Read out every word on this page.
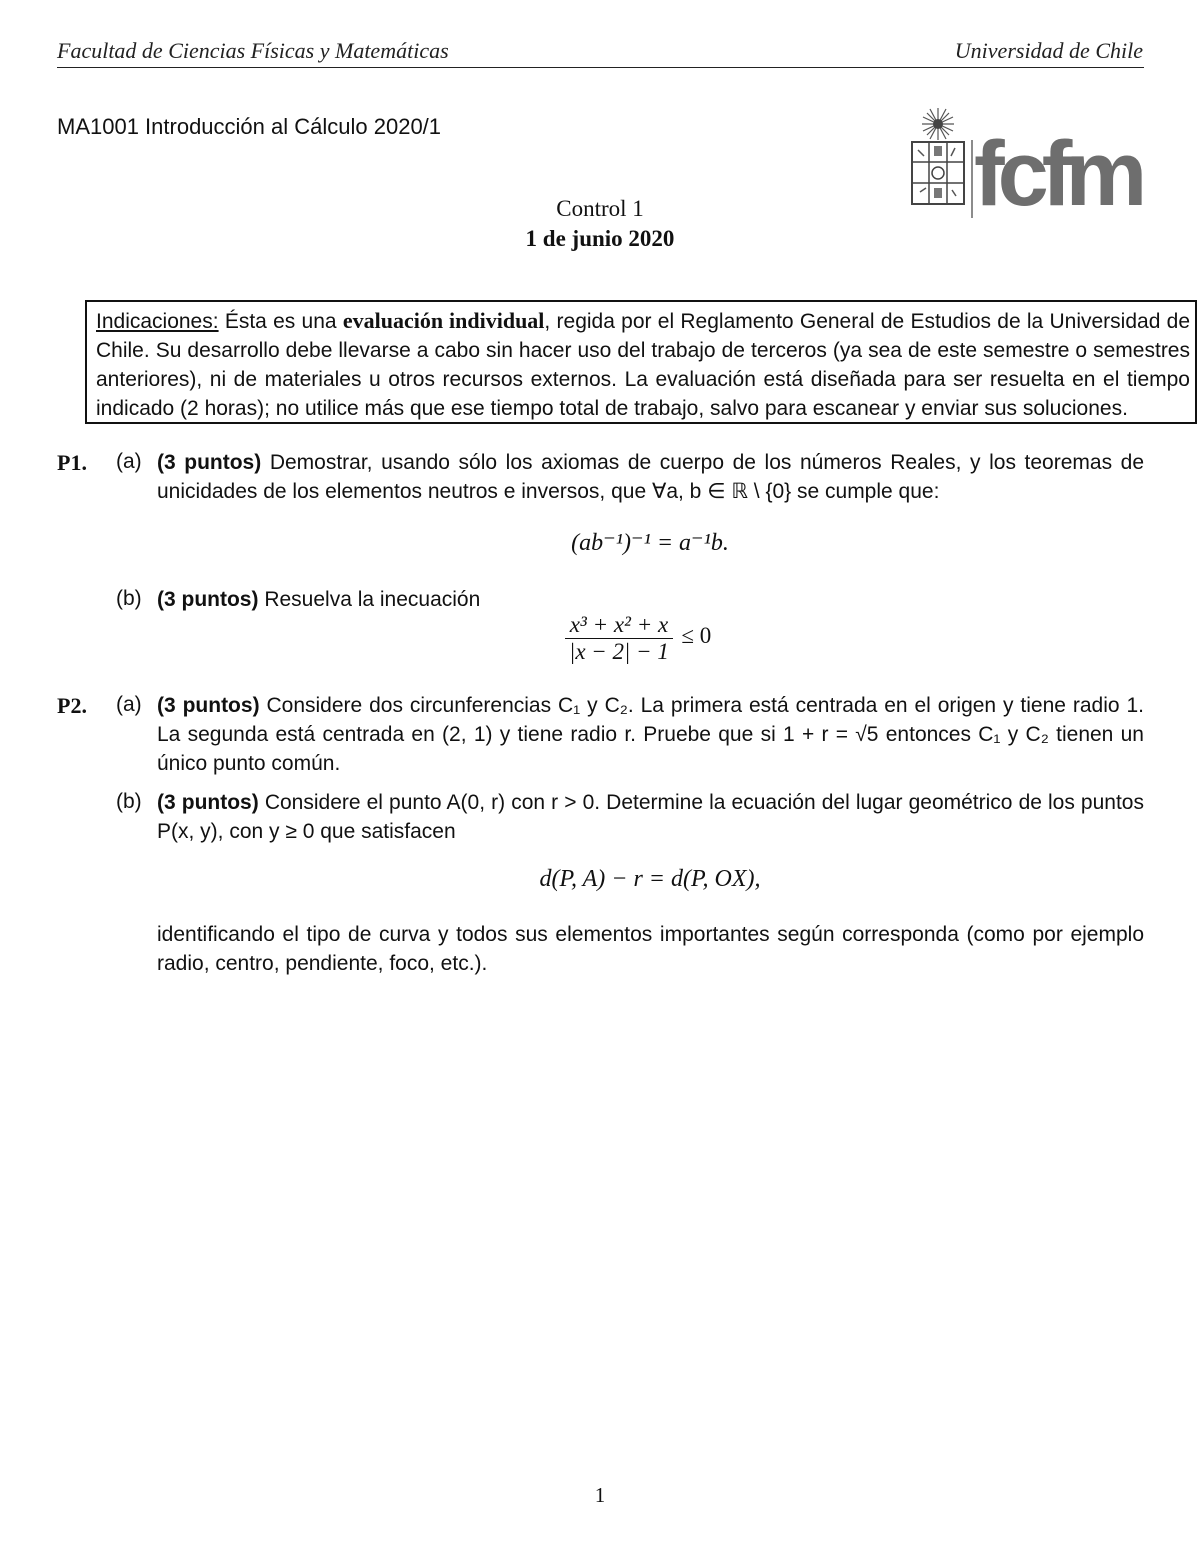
Facultad de Ciencias Físicas y Matemáticas	Universidad de Chile
MA1001 Introducción al Cálculo 2020/1	fcfm
Control 1
1 de junio 2020
Indicaciones: Ésta es una evaluación individual, regida por el Reglamento General de Estudios de la Universidad de Chile. Su desarrollo debe llevarse a cabo sin hacer uso del trabajo de terceros (ya sea de este semestre o semestres anteriores), ni de materiales u otros recursos externos. La evaluación está diseñada para ser resuelta en el tiempo indicado (2 horas); no utilice más que ese tiempo total de trabajo, salvo para escanear y enviar sus soluciones.
P1. (a) (3 puntos) Demostrar, usando sólo los axiomas de cuerpo de los números Reales, y los teoremas de unicidades de los elementos neutros e inversos, que ∀a, b ∈ ℝ \ {0} se cumple que:
(ab⁻¹)⁻¹ = a⁻¹b.
(b) (3 puntos) Resuelva la inecuación
$\frac{\text{x³ + x² + x}}{|x - 2| - 1} \le 0$
P2. (a) (3 puntos) Considere dos circunferencias C₁ y C₂. La primera está centrada en el origen y tiene radio 1. La segunda está centrada en (2, 1) y tiene radio r. Pruebe que si 1 + r = √5 entonces C₁ y C₂ tienen un único punto común.
(b) (3 puntos) Considere el punto A(0, r) con r > 0. Determine la ecuación del lugar geométrico de los puntos P(x, y), con y ≥ 0 que satisfacen
d(P, A) − r = d(P, OX),
identificando el tipo de curva y todos sus elementos importantes según corresponda (como por ejemplo radio, centro, pendiente, foco, etc.).
1
